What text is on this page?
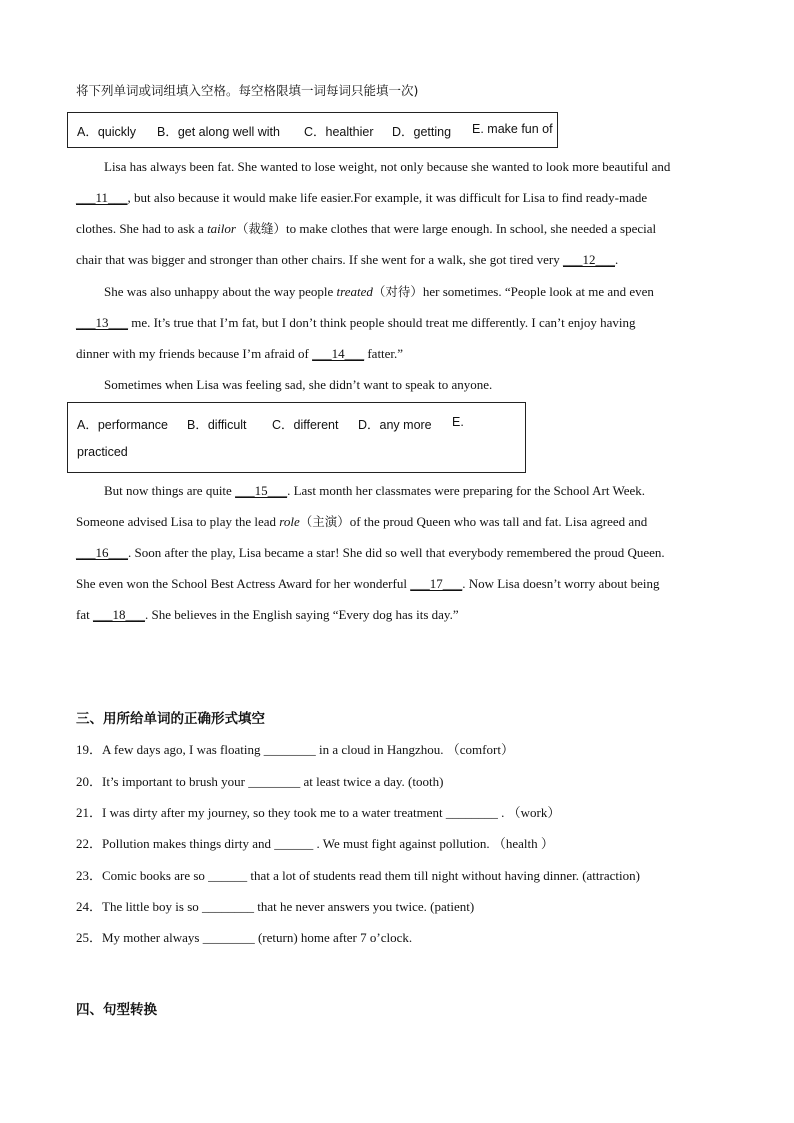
将下列单词或词组填入空格。每空格限填一词每词只能填一次)
A．quickly B．get along well with C．healthier D．getting E. make fun of
Lisa has always been fat. She wanted to lose weight, not only because she wanted to look more beautiful and
___11___, but also because it would make life easier.For example, it was difficult for Lisa to find ready-made
clothes. She had to ask a tailor（裁缝）to make clothes that were large enough. In school, she needed a special
chair that was bigger and stronger than other chairs. If she went for a walk, she got tired very ___12___.
She was also unhappy about the way people treated（对待）her sometimes. “People look at me and even
___13___ me. It’s true that I’m fat, but I don’t think people should treat me differently. I can’t enjoy having
dinner with my friends because I’m afraid of ___14___ fatter.”
Sometimes when Lisa was feeling sad, she didn’t want to speak to anyone.
A．performance B．difficult C．different D．any more E.
practiced
But now things are quite ___15___. Last month her classmates were preparing for the School Art Week.
Someone advised Lisa to play the lead role（主演）of the proud Queen who was tall and fat. Lisa agreed and
___16___. Soon after the play, Lisa became a star! She did so well that everybody remembered the proud Queen.
She even won the School Best Actress Award for her wonderful ___17___. Now Lisa doesn’t worry about being
fat ___18___. She believes in the English saying “Every dog has its day.”
三、用所给单词的正确形式填空
19．A few days ago, I was floating ________ in a cloud in Hangzhou. （comfort）
20．It’s important to brush your ________ at least twice a day. (tooth)
21．I was dirty after my journey, so they took me to a water treatment ________ . （work）
22．Pollution makes things dirty and ______ . We must fight against pollution. （health ）
23．Comic books are so ______ that a lot of students read them till night without having dinner. (attraction)
24．The little boy is so ________ that he never answers you twice. (patient)
25．My mother always ________ (return) home after 7 o’clock.
四、句型转换
